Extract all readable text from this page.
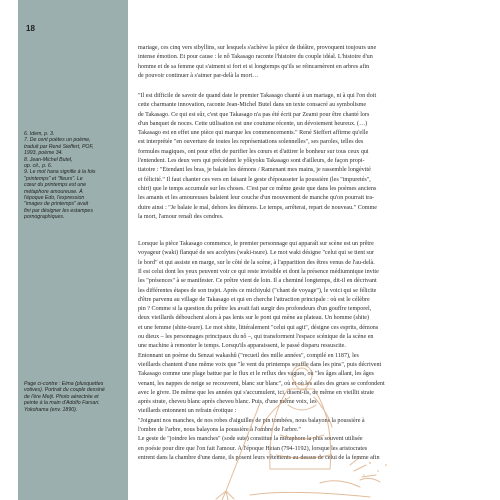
18
6. Idem, p. 3.
7. De cent poètes un poème,
traduit par René Sieffert, POF,
1993, poème 34.
8. Jean-Michel Butel,
op. cit., p. 6.
9. Le mot hana signifie à la fois
"printemps" et "fleurs". Le
cœur du printemps est une
métaphore amoureuse. À
l'époque Edo, l'expression
"images de printemps" avait
fini par désigner les estampes
pornographiques.
Page ci-contre : Eima (plusquettes
votives). Portrait du couple dessiné
de l'ère Meiji. Photo aérectrée et
peinte à la main d'Adolfo Farsari.
Yokohama (env. 1890).
mariage, ces cinq vers sibyllins, sur lesquels s'achève la pièce de théâtre, provoquent toujours une
intense émotion. Et pour cause : le nô Takasago raconte l'histoire du couple idéal. L'histoire d'un
homme et de sa femme qui s'aiment si fort et si longtemps qu'ils se réincarnèrent en arbres afin
de pouvoir continuer à s'aimer par-delà la mort…
"Il est difficile de savoir de quand date le premier Takasago chanté à un mariage, ni à qui l'on doit
cette charmante innovation, raconte Jean-Michel Butel dans un texte consacré au symbolisme
de Takasago. Ce qui est sûr, c'est que Takasago n'a pas été écrit par Zeami pour être chanté lors
d'un banquet de noces. Cette utilisation est une coutume récente, un dévoiement heureux. (…)
Takasago est en effet une pièce qui marque les commencements." René Sieffert affirme qu'elle
est interprétée "en ouverture de toutes les représentations solennelles", ses paroles, telles des
formules magiques, ont pour effet de purifier les cœurs et d'attirer le bonheur sur tous ceux qui
l'entendent. Les deux vers qui précèdent le yôkyoku Takasago sont d'ailleurs, de façon propi-
tiatoire : "Étendant les bras, je balaie les démons / Ramenant mes mains, je rassemble longévité
et félicité." Il faut chanter ces vers en faisant le geste d'épousseter la poussière (les "impuretés",
chiri) que le temps accumule sur les choses. C'est par ce même geste que dans les poèmes anciens
les amants et les amoureuses balaient leur couche d'un mouvement de manche qu'on pourrait tra-
duire ainsi : "Je balaie le mal, dehors les démons. Le temps, arrêterai, repart de nouveau." Comme
la mort, l'amour renaît des cendres.
Lorsque la pièce Takasago commence, le premier personnage qui apparaît sur scène est un prêtre
voyageur (waki) flanqué de ses acolytes (waki-tsure). Le mot waki désigne "celui qui se tient sur
le bord" et qui assiste en marge, sur le côté de la scène, à l'apparition des êtres venus de l'au-delà.
Il est celui dont les yeux peuvent voir ce qui reste invisible et dont la présence médiumnique invite
les "présences" à se manifester. Ce prêtre vient de loin. Il a cheminé longtemps, dit-il en décrivant
les différentes étapes de son trajet. Après ce michiyuki ("chant de voyage"), le voici qui se félicite
d'être parvenu au village de Takasago et qui en cherche l'attraction principale : où est le célèbre
pin ? Comme si la question du prêtre les avait fait surgir des profondeurs d'un gouffre temporel,
deux vieillards débouchent alors à pas lents sur le pont qui mène au plateau. Un homme (shite)
et une femme (shite-tsure). Le mot shite, littéralement "celui qui agit", désigne ces esprits, démons
ou dieux – les personnages principaux du nô –, qui transforment l'espace scénique de la scène en
une machine à remonter le temps. Lorsqu'ils apparaissent, le passé disparu ressuscite.
Entonnant un poème du Senzai wakashû ("recueil des mille années", compilé en 1187), les
vieillards chantent d'une même voix que "le vent du printemps souffle dans les pins", puis décrivent
Takasago comme une plage battue par le flux et le reflux des vagues, où "les âges allant, les âges
venant, les nappes de neige se recouvrent, blanc sur blanc", où et où les ailes des grues se confondent
avec le givre. De même que les années qui s'accumulent, ici, disent-ils, de même en vieillit strate
après strate, cheveu blanc après cheveu blanc. Puis, d'une même voix, les
vieillards entonnent un refrain érotique :
"Joignant nos manches, de nos robes d'aiguilles de pin tombées, nous balayons la poussière à
l'ombre de l'arbre, nous balayons la poussière à l'ombre de l'arbre."
Le geste de "joindre les manches" (sode sute) constitue la métaphore la plus souvent utilisée
en poésie pour dire que l'on fait l'amour. À l'époque Heian (794-1192), lorsque les aristocrates
entrent dans la chambre d'une dame, ils posent leurs vêtements au-dessus de celui de la femme afin
